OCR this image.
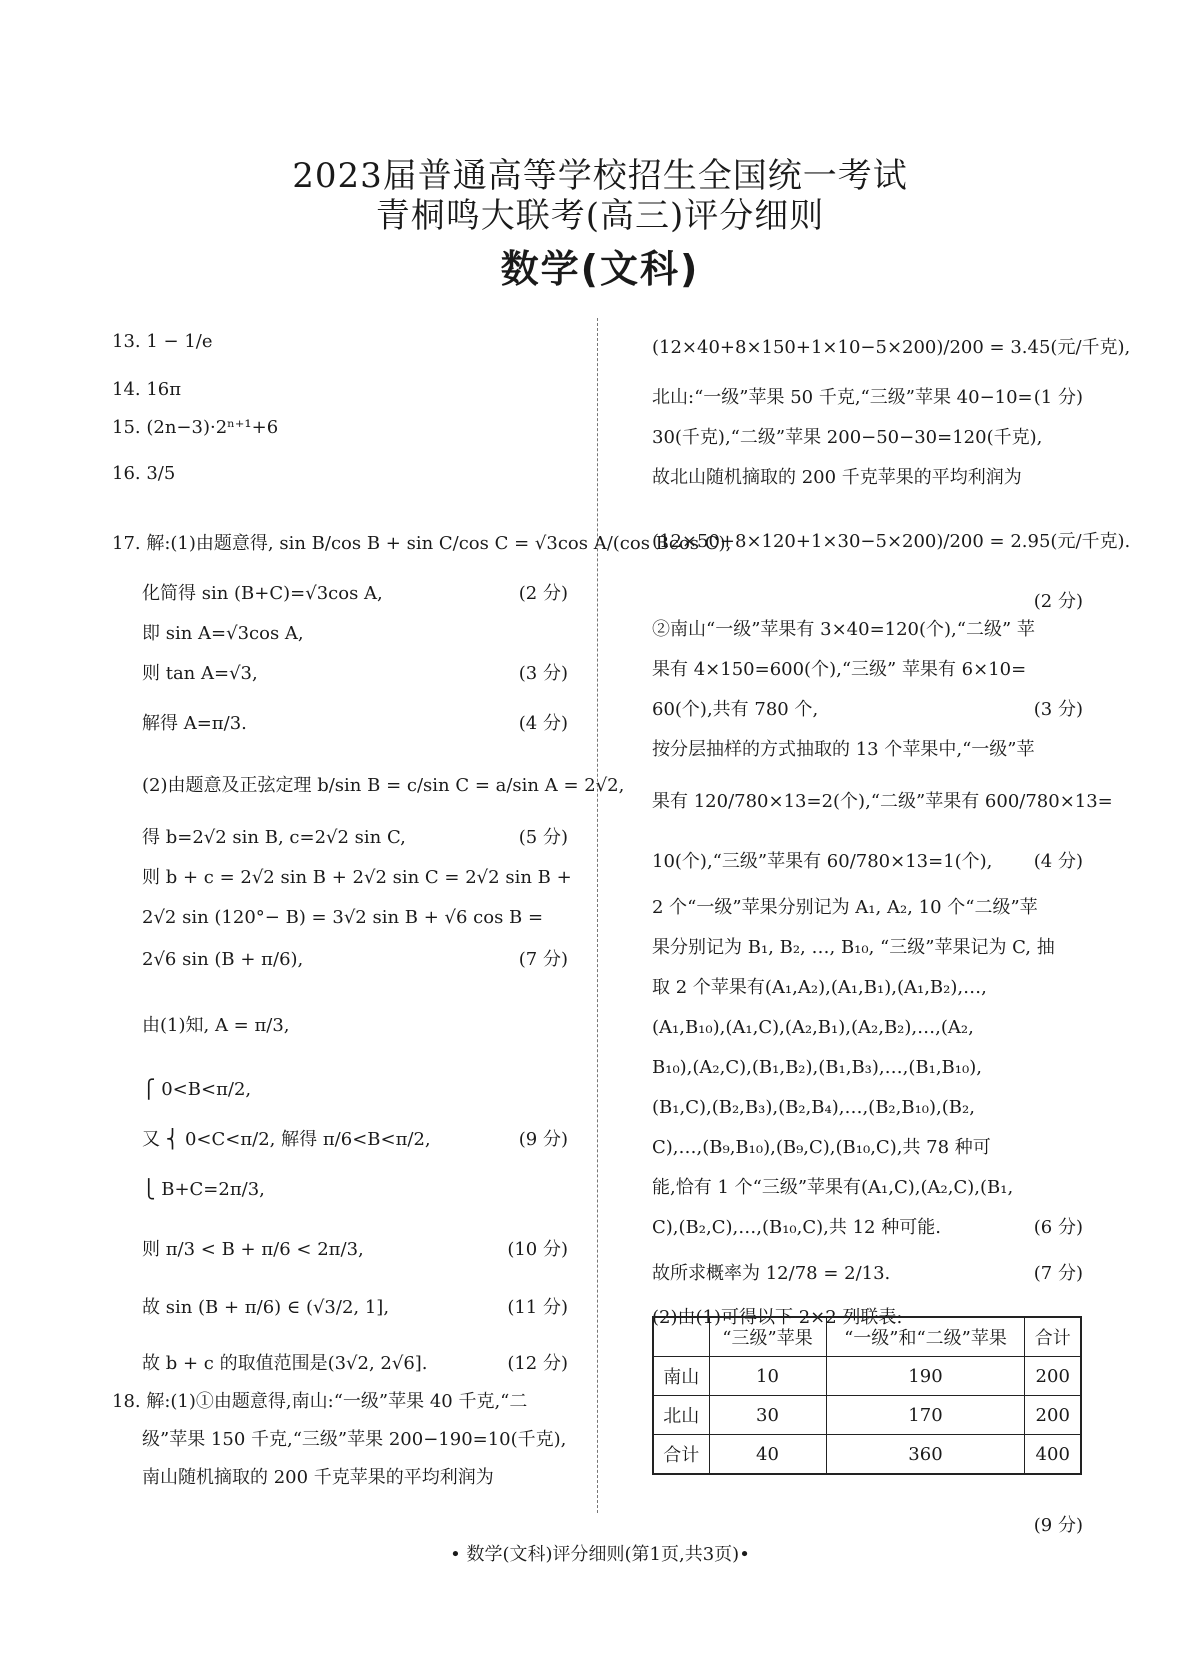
2023届普通高等学校招生全国统一考试
青桐鸣大联考(高三)评分细则
数学(文科)
13. 1 − 1/e
14. 16π
15. (2n−3)·2ⁿ⁺¹+6
16. 3/5
17. 解:(1)由题意得, sin B/cos B + sin C/cos C = √3cos A/(cos Bcos C),
化简得 sin (B+C)=√3cos A,
即 sin A=√3cos A,
则 tan A=√3,
解得 A=π/3.
(2)由题意及正弦定理 b/sin B = c/sin C = a/sin A = 2√2,
得 b=2√2 sin B, c=2√2 sin C,
则 b + c = 2√2 sin B + 2√2 sin C = 2√2 sin B +
2√2 sin (120°− B) = 3√2 sin B + √6 cos B =
2√6 sin (B + π/6),
由(1)知, A = π/3,
⎧ 0<B<π/2,
又 ⎨ 0<C<π/2, 解得 π/6<B<π/2,
⎩ B+C=2π/3,
则 π/3 < B + π/6 < 2π/3,
故 sin (B + π/6) ∈ (√3/2, 1],
故 b + c 的取值范围是(3√2, 2√6].
18. 解:(1)①由题意得,南山:“一级”苹果 40 千克,“二
级”苹果 150 千克,“三级”苹果 200−190=10(千克),
南山随机摘取的 200 千克苹果的平均利润为
(2 分)
(3 分)
(4 分)
(5 分)
(7 分)
(9 分)
(10 分)
(11 分)
(12 分)
(12×40+8×150+1×10−5×200)/200 = 3.45(元/千克),
北山:“一级”苹果 50 千克,“三级”苹果 40−10=
30(千克),“二级”苹果 200−50−30=120(千克),
故北山随机摘取的 200 千克苹果的平均利润为
(12×50+8×120+1×30−5×200)/200 = 2.95(元/千克).
②南山“一级”苹果有 3×40=120(个),“二级” 苹
果有 4×150=600(个),“三级” 苹果有 6×10=
60(个),共有 780 个,
按分层抽样的方式抽取的 13 个苹果中,“一级”苹
果有 120/780×13=2(个),“二级”苹果有 600/780×13=
10(个),“三级”苹果有 60/780×13=1(个),
2 个“一级”苹果分别记为 A₁, A₂, 10 个“二级”苹
果分别记为 B₁, B₂, …, B₁₀, “三级”苹果记为 C, 抽
取 2 个苹果有(A₁,A₂),(A₁,B₁),(A₁,B₂),…,
(A₁,B₁₀),(A₁,C),(A₂,B₁),(A₂,B₂),…,(A₂,
B₁₀),(A₂,C),(B₁,B₂),(B₁,B₃),…,(B₁,B₁₀),
(B₁,C),(B₂,B₃),(B₂,B₄),…,(B₂,B₁₀),(B₂,
C),…,(B₉,B₁₀),(B₉,C),(B₁₀,C),共 78 种可
能,恰有 1 个“三级”苹果有(A₁,C),(A₂,C),(B₁,
C),(B₂,C),…,(B₁₀,C),共 12 种可能.
故所求概率为 12/78 = 2/13.
(2)由(1)可得以下 2×2 列联表:
(1 分)
(2 分)
(3 分)
(4 分)
(6 分)
(7 分)
(9 分)
	“三级”苹果	“一级”和“二级”苹果	合计
南山	10	190	200
北山	30	170	200
合计	40	360	400
• 数学(文科)评分细则(第1页,共3页)•
